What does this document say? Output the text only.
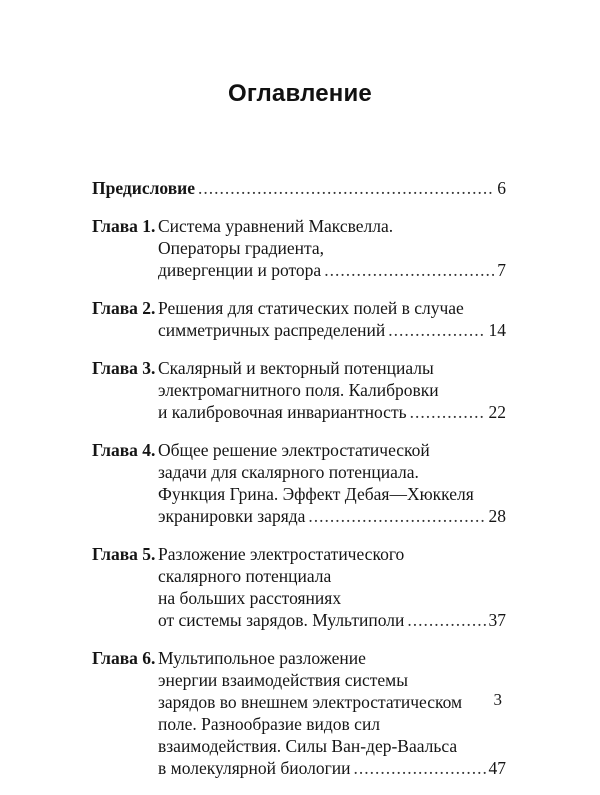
Оглавление
Предисловие .....	6
Глава 1. Система уравнений Максвелла.
Операторы градиента,
дивергенции и ротора .....	7
Глава 2. Решения для статических полей в случае
симметричных распределений .....	14
Глава 3. Скалярный и векторный потенциалы
электромагнитного поля. Калибровки
и калибровочная инвариантность .....	22
Глава 4. Общее решение электростатической
задачи для скалярного потенциала.
Функция Грина. Эффект Дебая—Хюккеля
экранировки заряда .....	28
Глава 5. Разложение электростатического
скалярного потенциала
на больших расстояниях
от системы зарядов. Мультиполи .....	37
Глава 6. Мультипольное разложение
энергии взаимодействия системы
зарядов во внешнем электростатическом
поле. Разнообразие видов сил
взаимодействия. Силы Ван-дер-Ваальса
в молекулярной биологии .....	47
3
